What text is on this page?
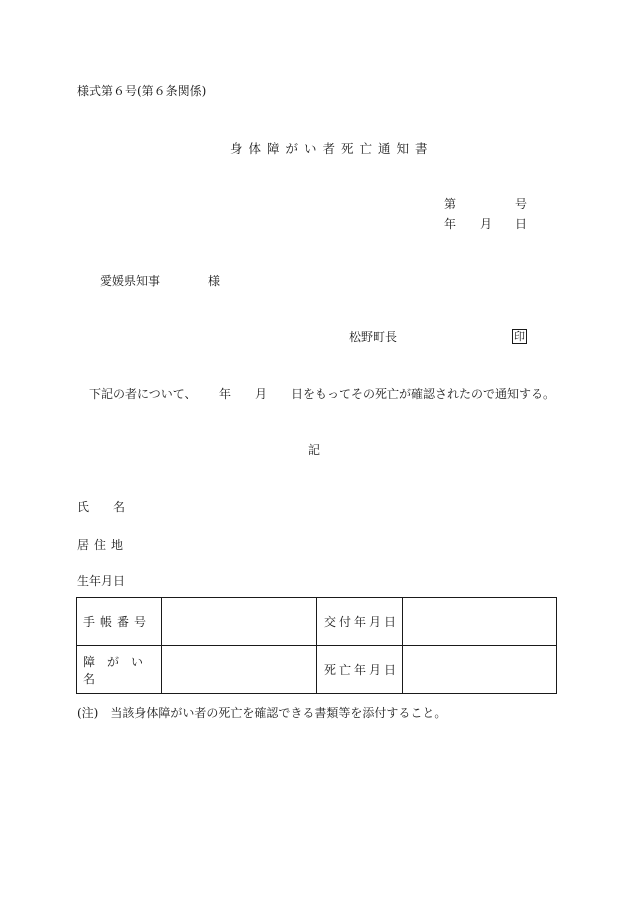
様式第６号(第６条関係)
身体障がい者死亡通知書
第	号
年 月 日
愛媛県知事	様
松野町長	印
下記の者について、 年 月 日をもってその死亡が確認されたので通知する。
記
氏 名
居住地
生年月日
手帳番号		交付年月日	
障がい名		死亡年月日	
(注)　当該身体障がい者の死亡を確認できる書類等を添付すること。
